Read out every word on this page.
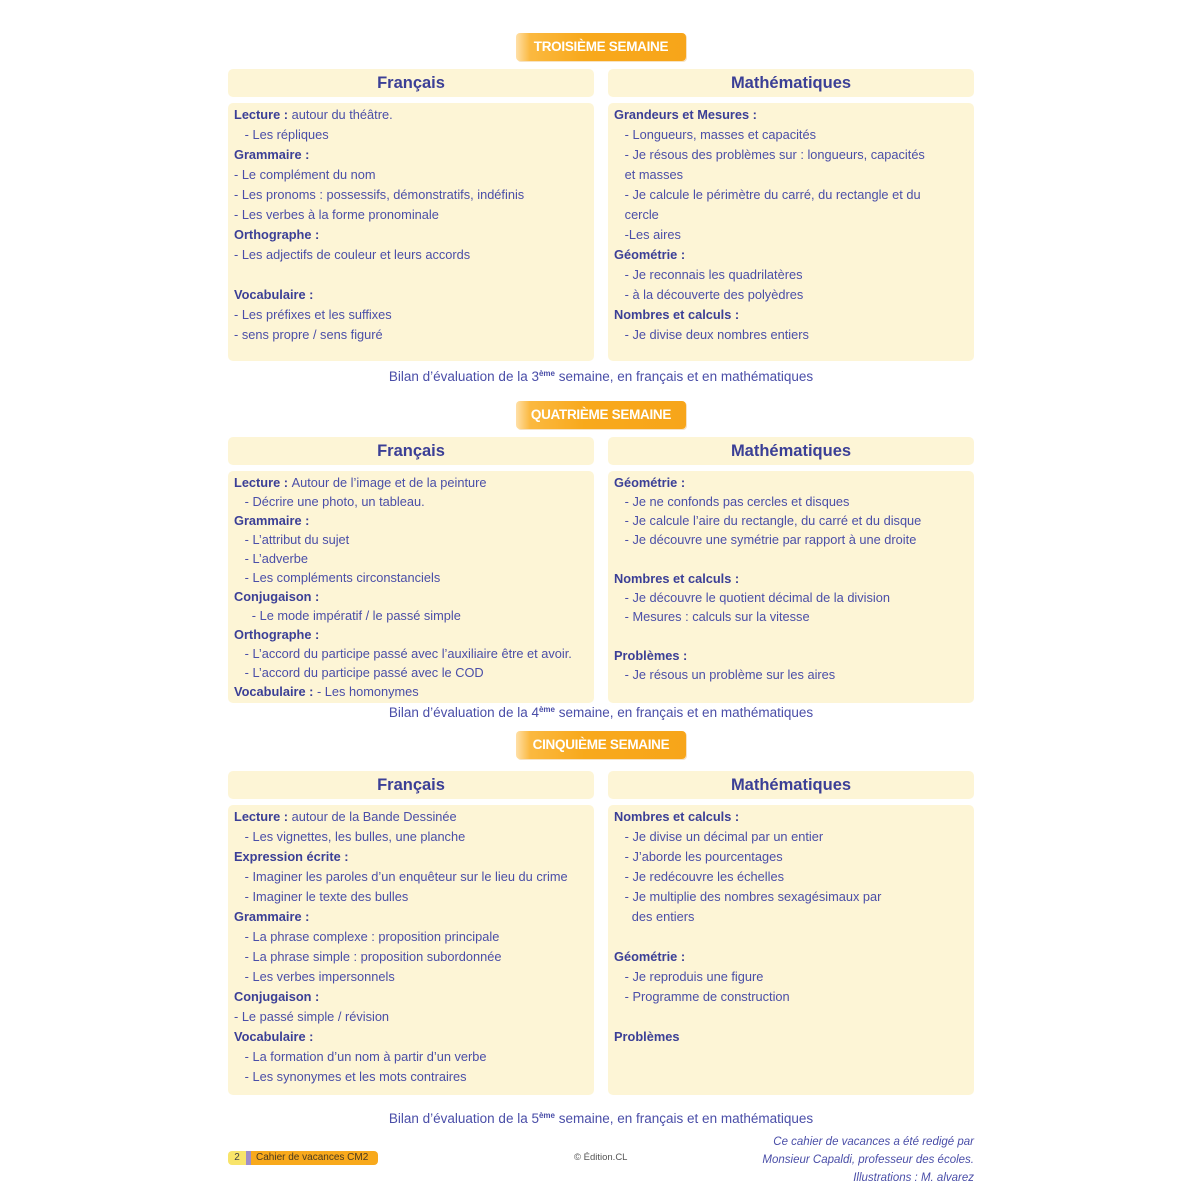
TROISIÈME SEMAINE
Français
Lecture : autour du théâtre.
- Les répliques
Grammaire :
- Le complément du nom
- Les pronoms : possessifs, démonstratifs, indéfinis
- Les verbes à la forme pronominale
Orthographe :
- Les adjectifs de couleur et leurs accords
Vocabulaire :
- Les préfixes et les suffixes
- sens propre / sens figuré
Mathématiques
Grandeurs et Mesures :
- Longueurs, masses et capacités
- Je résous des problèmes sur : longueurs, capacités
et masses
- Je calcule le périmètre du carré, du rectangle et du
cercle
-Les aires
Géométrie :
- Je reconnais les quadrilatères
- à la découverte des polyèdres
Nombres et calculs :
- Je divise deux nombres entiers
Bilan d’évaluation de la 3ème semaine, en français et en mathématiques
QUATRIÈME SEMAINE
Français
Lecture : Autour de l’image et de la peinture
- Décrire une photo, un tableau.
Grammaire :
- L’attribut du sujet
- L’adverbe
- Les compléments circonstanciels
Conjugaison :
- Le mode impératif / le passé simple
Orthographe :
- L’accord du participe passé avec l’auxiliaire être et avoir.
- L’accord du participe passé avec le COD
Vocabulaire : - Les homonymes
Mathématiques
Géométrie :
- Je ne confonds pas cercles et disques
- Je calcule l’aire du rectangle, du carré et du disque
- Je découvre une symétrie par rapport à une droite
Nombres et calculs :
- Je découvre le quotient décimal de la division
- Mesures : calculs sur la vitesse
Problèmes :
- Je résous un problème sur les aires
Bilan d’évaluation de la 4ème semaine, en français et en mathématiques
CINQUIÈME SEMAINE
Français
Lecture : autour de la Bande Dessinée
- Les vignettes, les bulles, une planche
Expression écrite :
- Imaginer les paroles d’un enquêteur sur le lieu du crime
- Imaginer le texte des bulles
Grammaire :
- La phrase complexe : proposition principale
- La phrase simple : proposition subordonnée
- Les verbes impersonnels
Conjugaison :
- Le passé simple / révision
Vocabulaire :
- La formation d’un nom à partir d’un verbe
- Les synonymes et les mots contraires
Mathématiques
Nombres et calculs :
- Je divise un décimal par un entier
- J’aborde les pourcentages
- Je redécouvre les échelles
- Je multiplie des nombres sexagésimaux par
des entiers
Géométrie :
- Je reproduis une figure
- Programme de construction
Problèmes
Bilan d’évaluation de la 5ème semaine, en français et en mathématiques
2	Cahier de vacances CM2	© Édition.CL
Ce cahier de vacances a été redigé par
Monsieur Capaldi, professeur des écoles.
Illustrations : M. alvarez
